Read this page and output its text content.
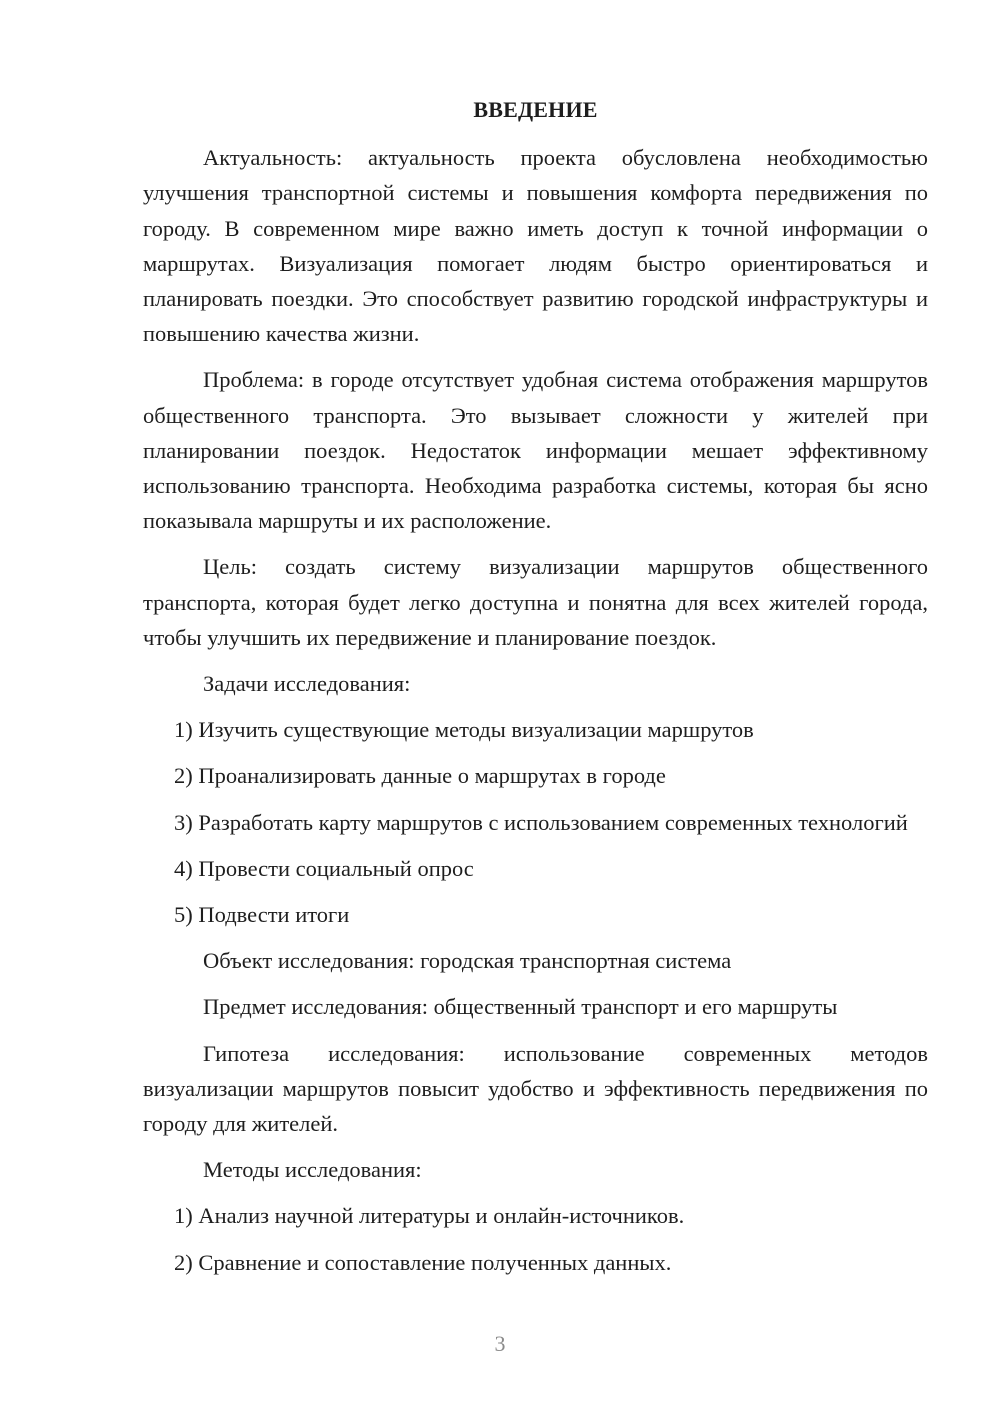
ВВЕДЕНИЕ

Актуальность: актуальность проекта обусловлена необходимостью улучшения транспортной системы и повышения комфорта передвижения по городу. В современном мире важно иметь доступ к точной информации о маршрутах. Визуализация помогает людям быстро ориентироваться и планировать поездки. Это способствует развитию городской инфраструктуры и повышению качества жизни.

Проблема: в городе отсутствует удобная система отображения маршрутов общественного транспорта. Это вызывает сложности у жителей при планировании поездок. Недостаток информации мешает эффективному использованию транспорта. Необходима разработка системы, которая бы ясно показывала маршруты и их расположение.

Цель: создать систему визуализации маршрутов общественного транспорта, которая будет легко доступна и понятна для всех жителей города, чтобы улучшить их передвижение и планирование поездок.

Задачи исследования:

1) Изучить существующие методы визуализации маршрутов

2) Проанализировать данные о маршрутах в городе

3) Разработать карту маршрутов с использованием современных технологий

4) Провести социальный опрос

5) Подвести итоги

Объект исследования: городская транспортная система

Предмет исследования: общественный транспорт и его маршруты

Гипотеза исследования: использование современных методов визуализации маршрутов повысит удобство и эффективность передвижения по городу для жителей.

Методы исследования:

1) Анализ научной литературы и онлайн-источников.

2) Сравнение и сопоставление полученных данных.

3
